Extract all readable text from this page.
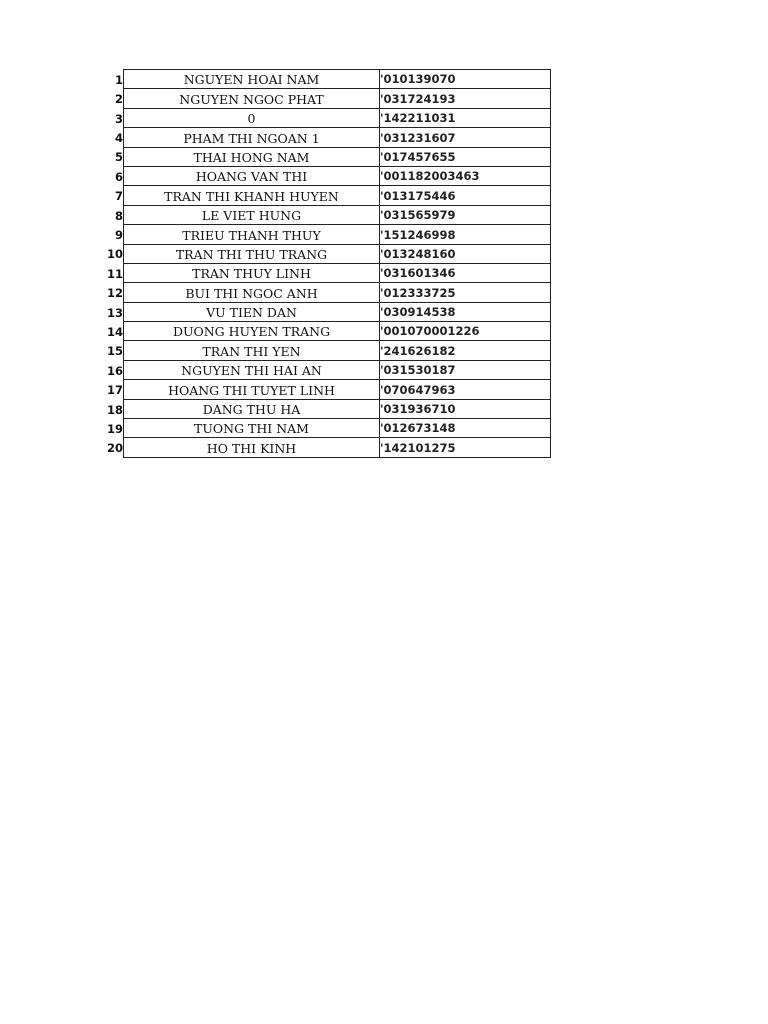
1	NGUYEN HOAI NAM	'010139070
2	NGUYEN NGOC PHAT	'031724193
3	0	'142211031
4	PHAM THI NGOAN 1	'031231607
5	THAI HONG NAM	'017457655
6	HOANG VAN THI	'001182003463
7	TRAN THI KHANH HUYEN	'013175446
8	LE VIET HUNG	'031565979
9	TRIEU THANH THUY	'151246998
10	TRAN THI THU TRANG	'013248160
11	TRAN THUY LINH	'031601346
12	BUI THI NGOC ANH	'012333725
13	VU TIEN DAN	'030914538
14	DUONG HUYEN TRANG	'001070001226
15	TRAN THI YEN	'241626182
16	NGUYEN THI HAI AN	'031530187
17	HOANG THI TUYET LINH	'070647963
18	DANG THU HA	'031936710
19	TUONG THI NAM	'012673148
20	HO THI KINH	'142101275
